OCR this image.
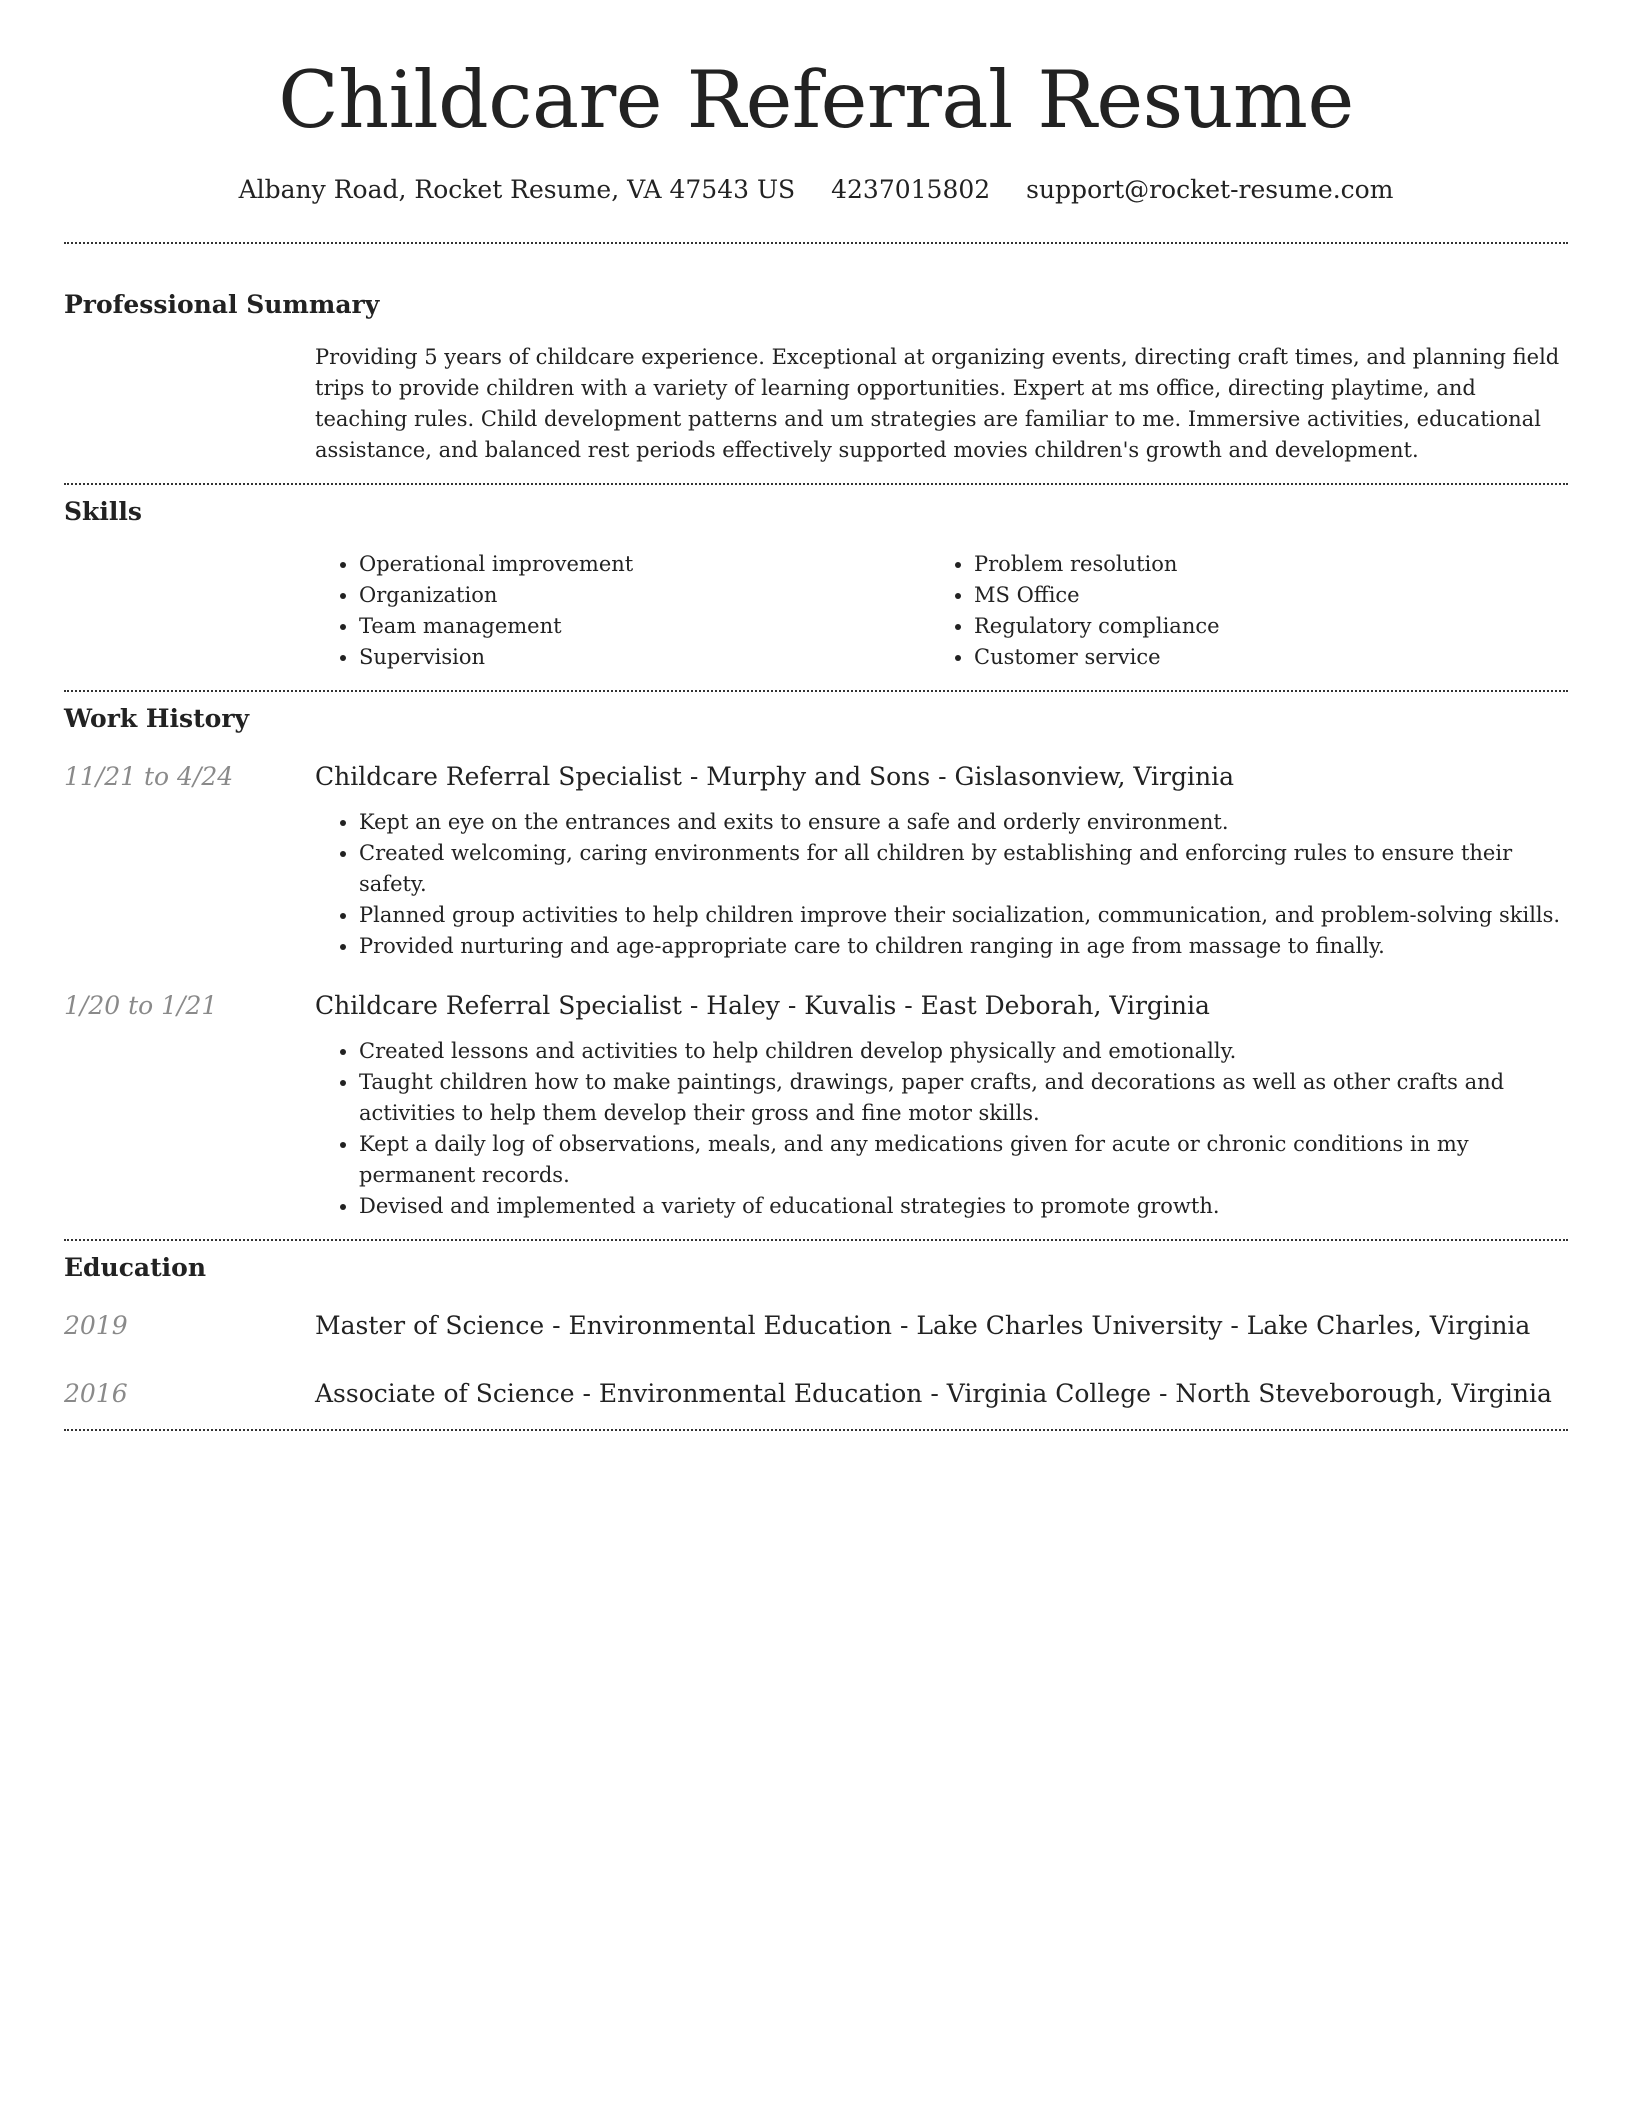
Childcare Referral Resume
Albany Road, Rocket Resume, VA 47543 US 4237015802 support@rocket-resume.com
Professional Summary

Providing 5 years of childcare experience. Exceptional at organizing events, directing craft times, and planning field trips to provide children with a variety of learning opportunities. Expert at ms office, directing playtime, and teaching rules. Child development patterns and um strategies are familiar to me. Immersive activities, educational assistance, and balanced rest periods effectively supported movies children's growth and development.

Skills
• Operational improvement
• Organization
• Team management
• Supervision
• Problem resolution
• MS Office
• Regulatory compliance
• Customer service
Work History
11/21 to 4/24	Childcare Referral Specialist - Murphy and Sons - Gislasonview, Virginia
• Kept an eye on the entrances and exits to ensure a safe and orderly environment.
• Created welcoming, caring environments for all children by establishing and enforcing rules to ensure their safety.
• Planned group activities to help children improve their socialization, communication, and problem-solving skills.
• Provided nurturing and age-appropriate care to children ranging in age from massage to finally.
1/20 to 1/21	Childcare Referral Specialist - Haley - Kuvalis - East Deborah, Virginia
• Created lessons and activities to help children develop physically and emotionally.
• Taught children how to make paintings, drawings, paper crafts, and decorations as well as other crafts and activities to help them develop their gross and fine motor skills.
• Kept a daily log of observations, meals, and any medications given for acute or chronic conditions in my permanent records.
• Devised and implemented a variety of educational strategies to promote growth.
Education
2019	Master of Science - Environmental Education - Lake Charles University - Lake Charles, Virginia
2016	Associate of Science - Environmental Education - Virginia College - North Steveborough, Virginia
